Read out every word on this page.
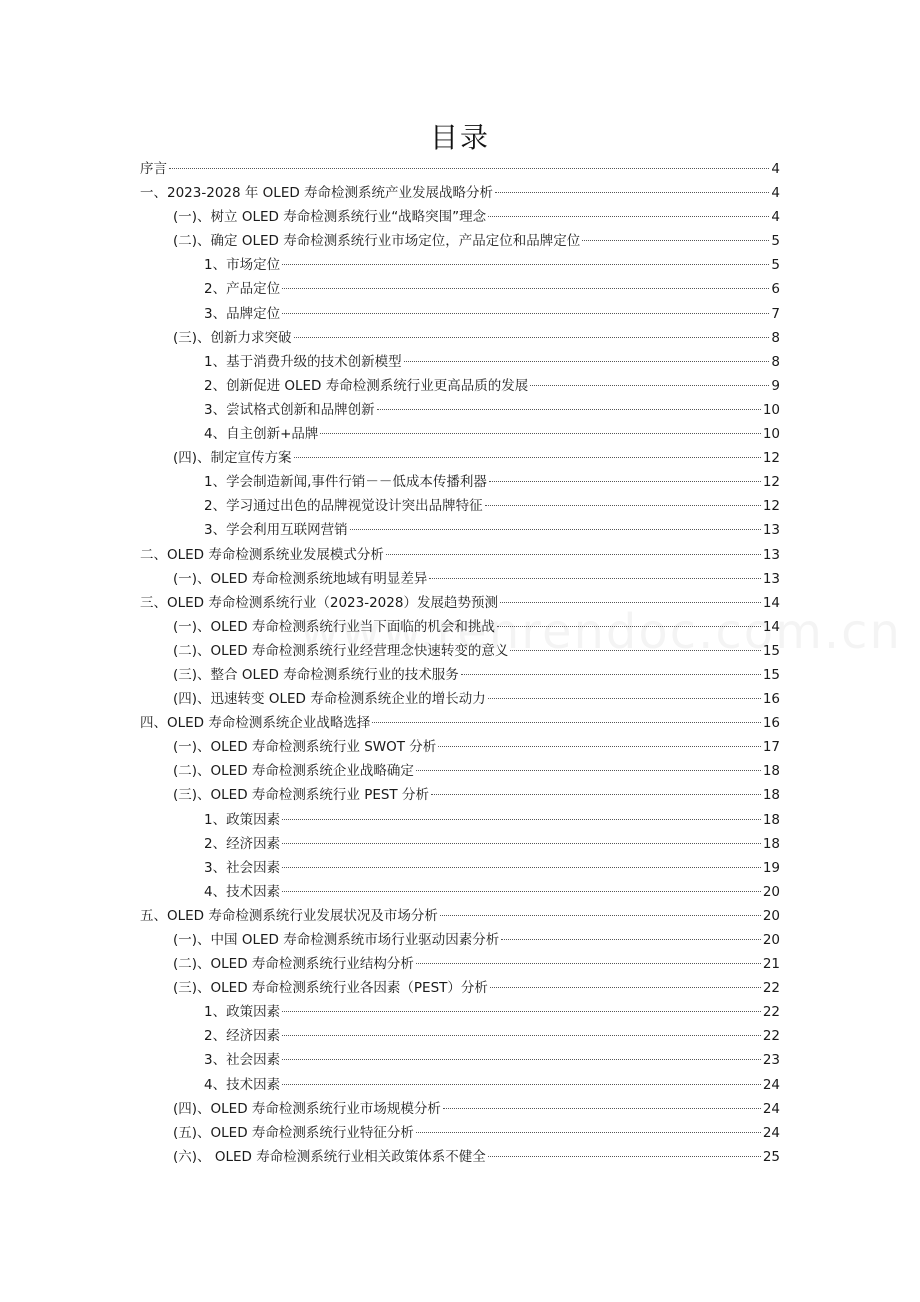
目录
序言	4
一、2023-2028 年 OLED 寿命检测系统产业发展战略分析	4
(一)、树立 OLED 寿命检测系统行业“战略突围”理念	4
(二)、确定 OLED 寿命检测系统行业市场定位，产品定位和品牌定位	5
1、市场定位	5
2、产品定位	6
3、品牌定位	7
(三)、创新力求突破	8
1、基于消费升级的技术创新模型	8
2、创新促进 OLED 寿命检测系统行业更高品质的发展	9
3、尝试格式创新和品牌创新	10
4、自主创新+品牌	10
(四)、制定宣传方案	12
1、学会制造新闻,事件行销－－低成本传播利器	12
2、学习通过出色的品牌视觉设计突出品牌特征	12
3、学会利用互联网营销	13
二、OLED 寿命检测系统业发展模式分析	13
(一)、OLED 寿命检测系统地域有明显差异	13
三、OLED 寿命检测系统行业（2023-2028）发展趋势预测	14
(一)、OLED 寿命检测系统行业当下面临的机会和挑战	14
(二)、OLED 寿命检测系统行业经营理念快速转变的意义	15
(三)、整合 OLED 寿命检测系统行业的技术服务	15
(四)、迅速转变 OLED 寿命检测系统企业的增长动力	16
四、OLED 寿命检测系统企业战略选择	16
(一)、OLED 寿命检测系统行业 SWOT 分析	17
(二)、OLED 寿命检测系统企业战略确定	18
(三)、OLED 寿命检测系统行业 PEST 分析	18
1、政策因素	18
2、经济因素	18
3、社会因素	19
4、技术因素	20
五、OLED 寿命检测系统行业发展状况及市场分析	20
(一)、中国 OLED 寿命检测系统市场行业驱动因素分析	20
(二)、OLED 寿命检测系统行业结构分析	21
(三)、OLED 寿命检测系统行业各因素（PEST）分析	22
1、政策因素	22
2、经济因素	22
3、社会因素	23
4、技术因素	24
(四)、OLED 寿命检测系统行业市场规模分析	24
(五)、OLED 寿命检测系统行业特征分析	24
(六)、 OLED 寿命检测系统行业相关政策体系不健全	25
